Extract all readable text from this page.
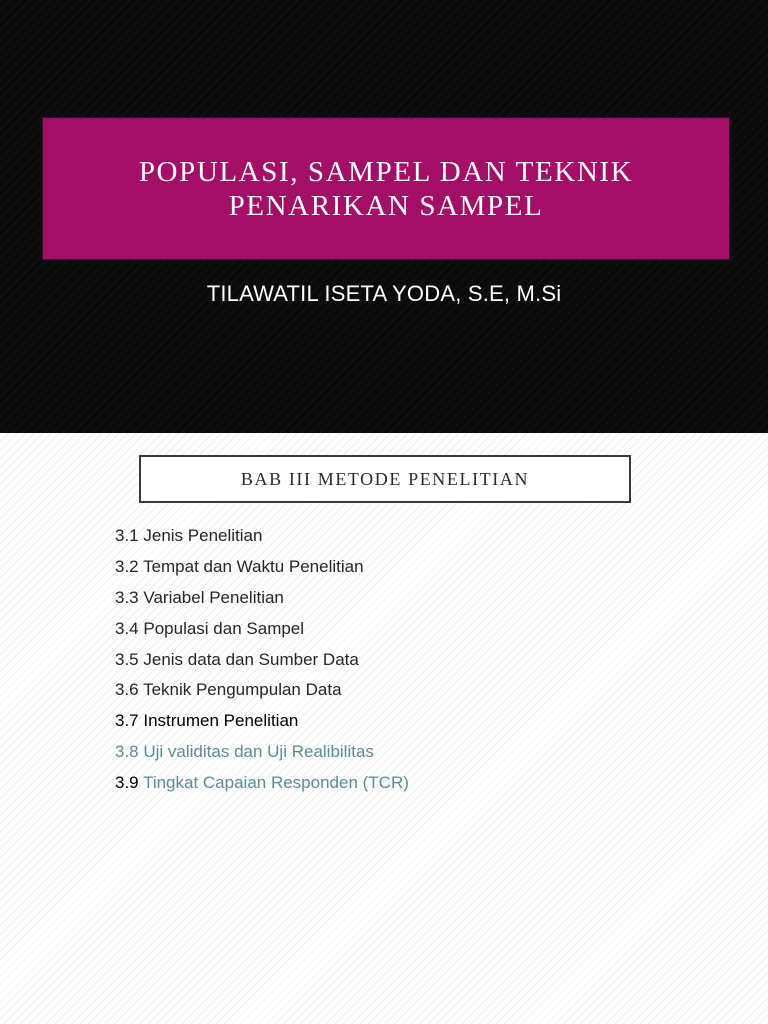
POPULASI, SAMPEL DAN TEKNIK
PENARIKAN SAMPEL
TILAWATIL ISETA YODA, S.E, M.Si
BAB III METODE PENELITIAN
3.1 Jenis Penelitian
3.2 Tempat dan Waktu Penelitian
3.3 Variabel Penelitian
3.4 Populasi dan Sampel
3.5 Jenis data dan Sumber Data
3.6 Teknik Pengumpulan Data
3.7 Instrumen Penelitian
3.8 Uji validitas dan Uji Realibilitas
3.9 Tingkat Capaian Responden (TCR)
